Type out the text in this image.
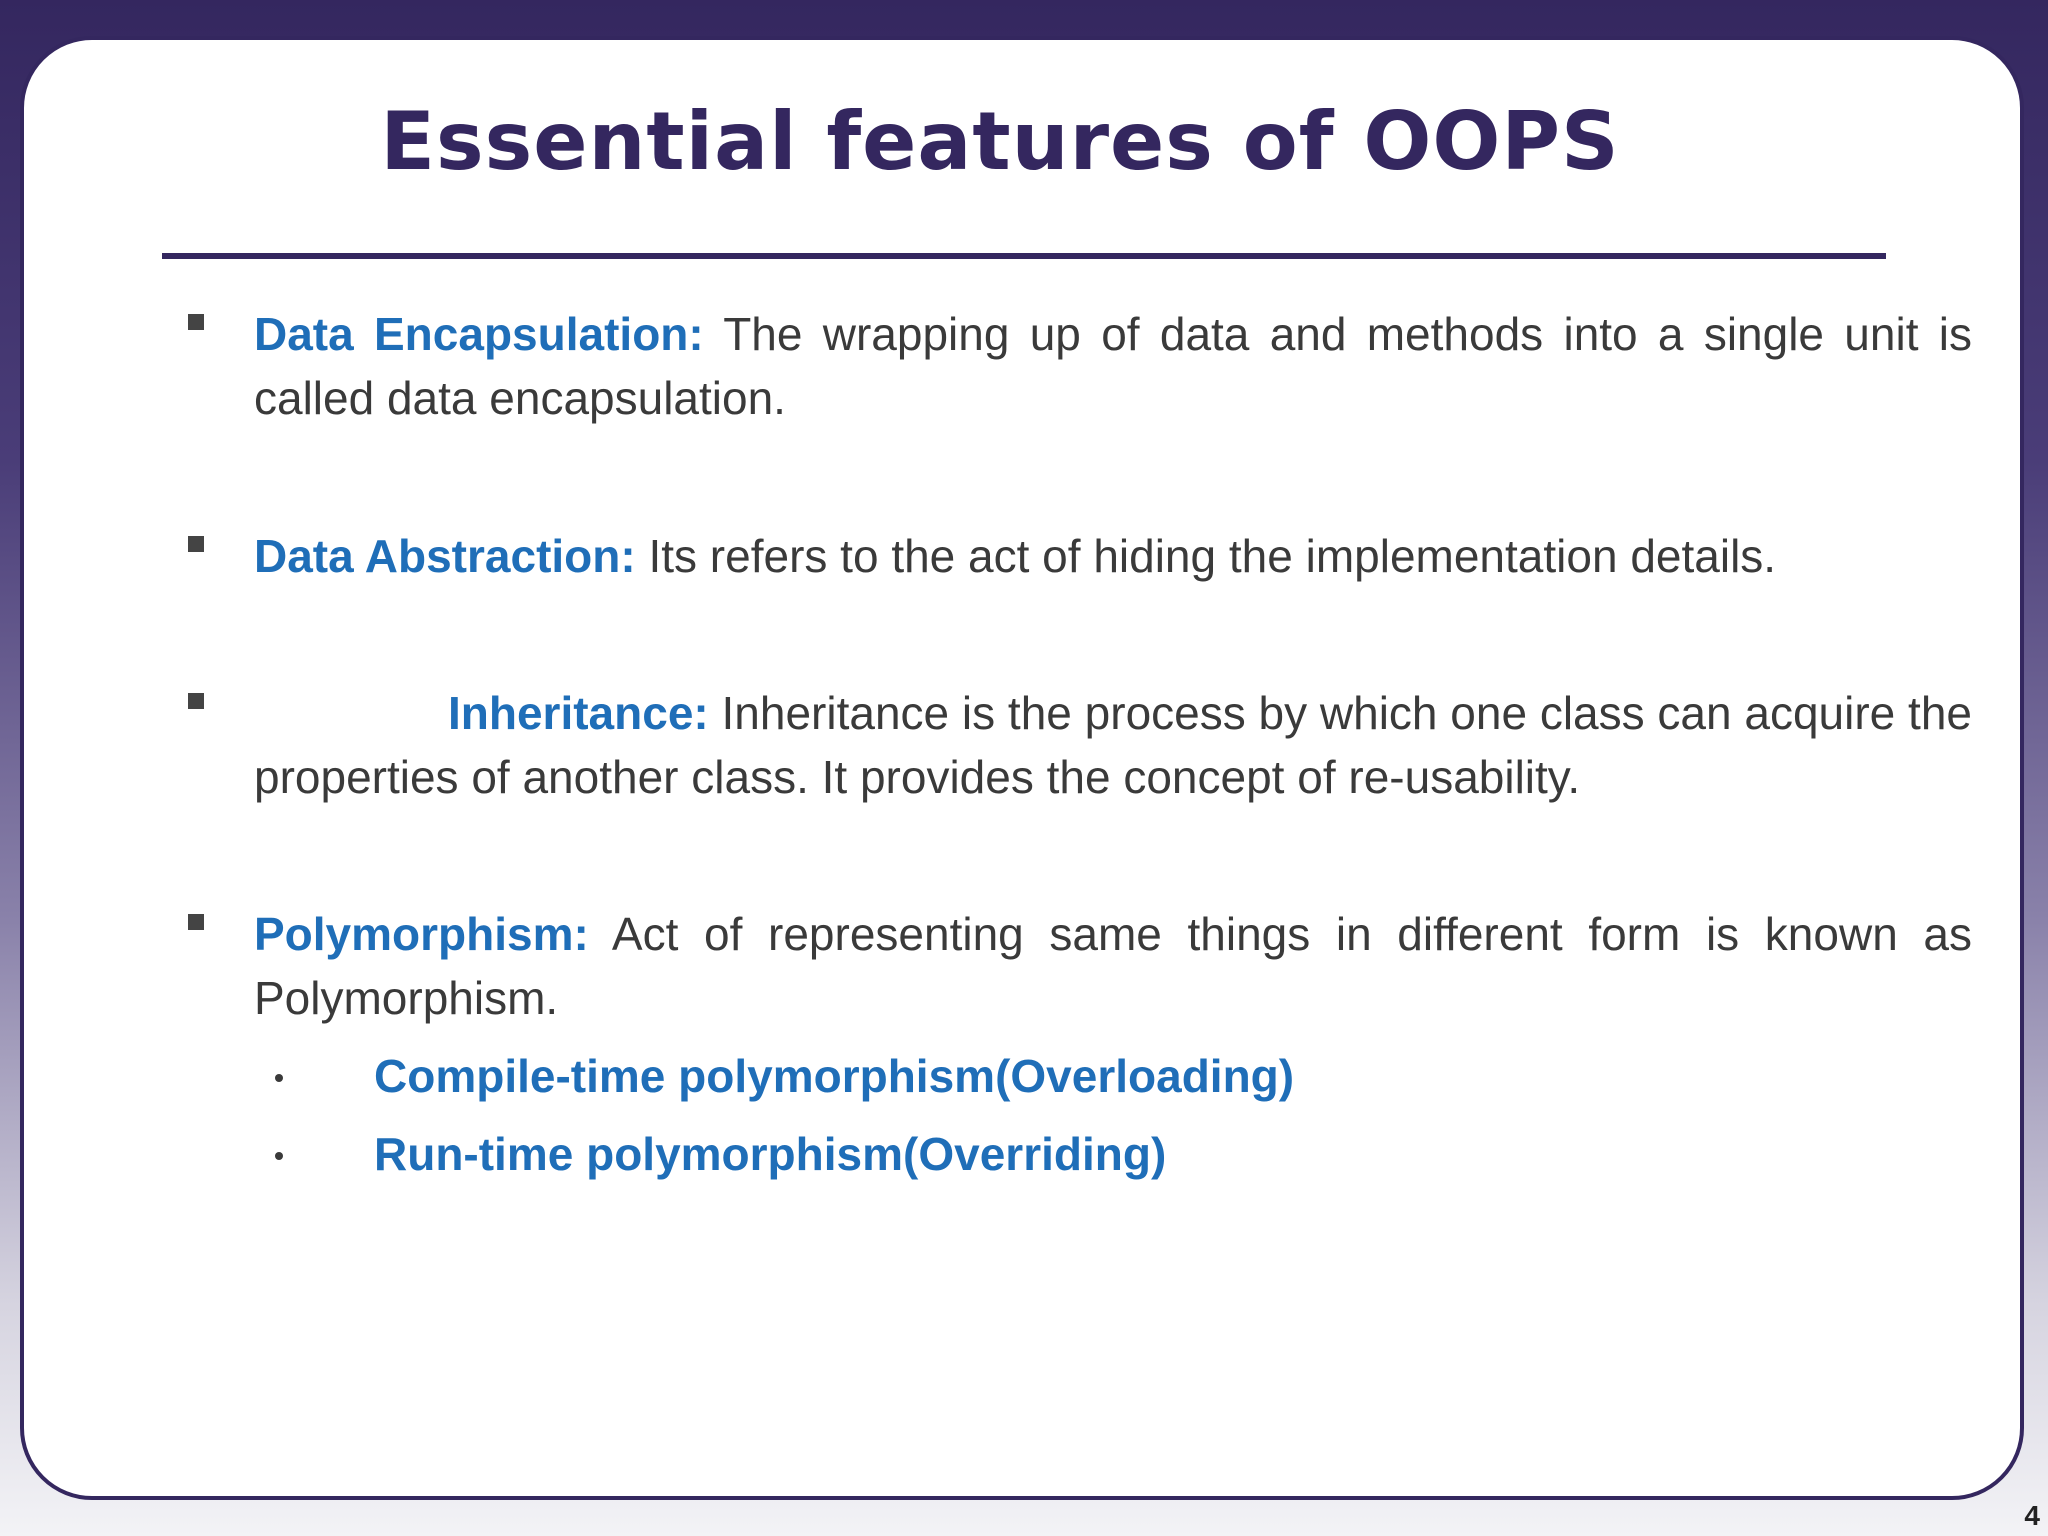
Essential features of OOPS
Data Encapsulation: The wrapping up of data and methods into a single unit is called data encapsulation.
Data Abstraction: Its refers to the act of hiding the implementation details.
Inheritance: Inheritance is the process by which one class can acquire the properties of another class. It provides the concept of re-usability.
Polymorphism: Act of representing same things in different form is known as Polymorphism.
Compile-time polymorphism(Overloading)
Run-time polymorphism(Overriding)
4
